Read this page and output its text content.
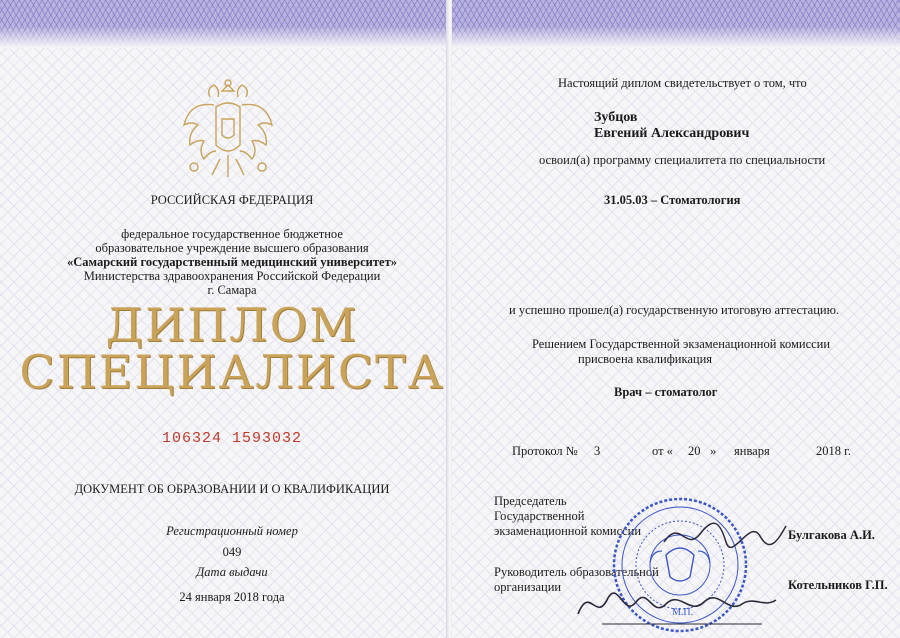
РОССИЙСКАЯ ФЕДЕРАЦИЯ
федеральное государственное бюджетное
образовательное учреждение высшего образования
«Самарский государственный медицинский университет»
Министерства здравоохранения Российской Федерации
г. Самара
ДИПЛОМ
СПЕЦИАЛИСТА
106324 1593032
ДОКУМЕНТ ОБ ОБРАЗОВАНИИ И О КВАЛИФИКАЦИИ
Регистрационный номер
049
Дата выдачи
24 января 2018 года
Настоящий диплом свидетельствует о том, что
Зубцов
Евгений Александрович
освоил(а) программу специалитета по специальности
31.05.03 – Стоматология
и успешно прошел(а) государственную итоговую аттестацию.
Решением Государственной экзаменационной комиссии
присвоена квалификация
Врач – стоматолог
Протокол № 3	от « 20 » января	2018 г.
Председатель
Государственной
экзаменационной комиссии	Булгакова А.И.
Руководитель образовательной
организации	Котельников Г.П.
М.П.
